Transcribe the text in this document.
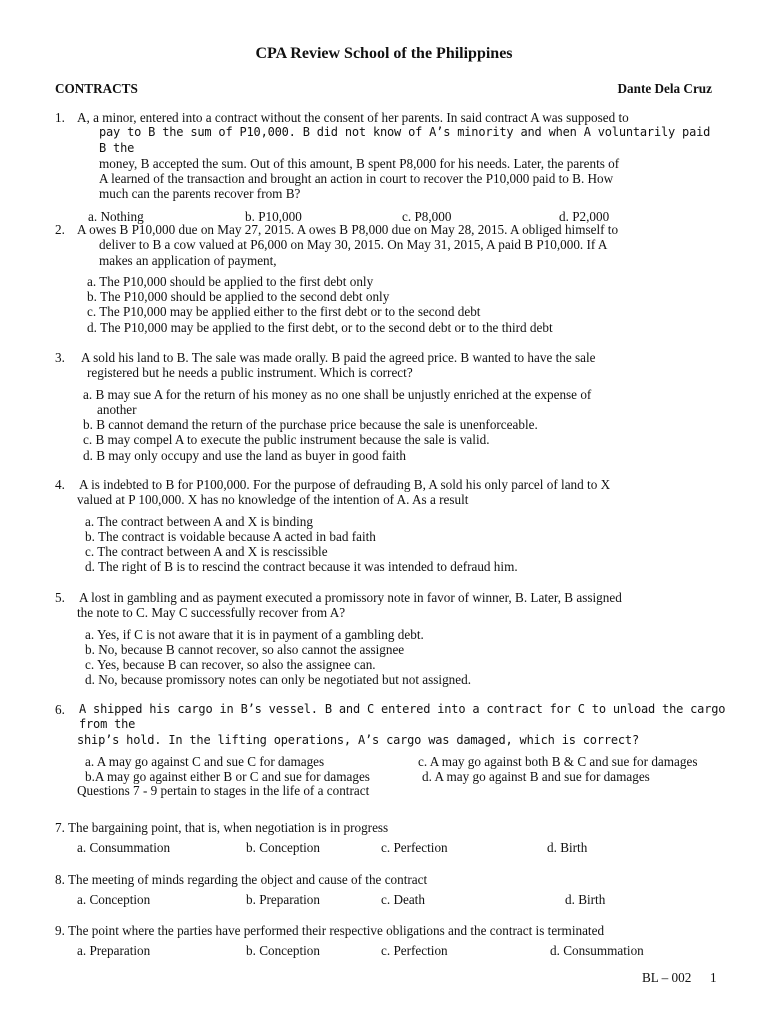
CPA Review School of the Philippines
CONTRACTS	Dante Dela Cruz
1. A, a minor, entered into a contract without the consent of her parents. In said contract A was supposed to
pay to B the sum of P10,000. B did not know of A’s minority and when A voluntarily paid B the
money, B accepted the sum. Out of this amount, B spent P8,000 for his needs. Later, the parents of
A learned of the transaction and brought an action in court to recover the P10,000 paid to B. How
much can the parents recover from B?
a. Nothing	b. P10,000	c. P8,000	d. P2,000
2. A owes B P10,000 due on May 27, 2015. A owes B P8,000 due on May 28, 2015. A obliged himself to
deliver to B a cow valued at P6,000 on May 30, 2015. On May 31, 2015, A paid B P10,000. If A
makes an application of payment,
a. The P10,000 should be applied to the first debt only
b. The P10,000 should be applied to the second debt only
c. The P10,000 may be applied either to the first debt or to the second debt
d. The P10,000 may be applied to the first debt, or to the second debt or to the third debt
3.	A sold his land to B. The sale was made orally. B paid the agreed price. B wanted to have the sale
registered but he needs a public instrument. Which is correct?
a. B may sue A for the return of his money as no one shall be unjustly enriched at the expense of
another
b. B cannot demand the return of the purchase price because the sale is unenforceable.
c. B may compel A to execute the public instrument because the sale is valid.
d. B may only occupy and use the land as buyer in good faith
4. A is indebted to B for P100,000. For the purpose of defrauding B, A sold his only parcel of land to X
valued at P 100,000. X has no knowledge of the intention of A. As a result
a. The contract between A and X is binding
b. The contract is voidable because A acted in bad faith
c. The contract between A and X is rescissible
d. The right of B is to rescind the contract because it was intended to defraud him.
5. A lost in gambling and as payment executed a promissory note in favor of winner, B. Later, B assigned
the note to C. May C successfully recover from A?
a. Yes, if C is not aware that it is in payment of a gambling debt.
b. No, because B cannot recover, so also cannot the assignee
c. Yes, because B can recover, so also the assignee can.
d. No, because promissory notes can only be negotiated but not assigned.
6. A shipped his cargo in B’s vessel. B and C entered into a contract for C to unload the cargo from the
ship’s hold. In the lifting operations, A’s cargo was damaged, which is correct?
a. A may go against C and sue C for damages	c. A may go against both B & C and sue for damages
b.A may go against either B or C and sue for damages	d. A may go against B and sue for damages
Questions 7 - 9 pertain to stages in the life of a contract
7. The bargaining point, that is, when negotiation is in progress
a. Consummation	b. Conception	c. Perfection	d. Birth
8. The meeting of minds regarding the object and cause of the contract
a. Conception	b. Preparation	c. Death	d. Birth
9. The point where the parties have performed their respective obligations and the contract is terminated
a. Preparation	b. Conception	c. Perfection	d. Consummation
BL – 002 1
